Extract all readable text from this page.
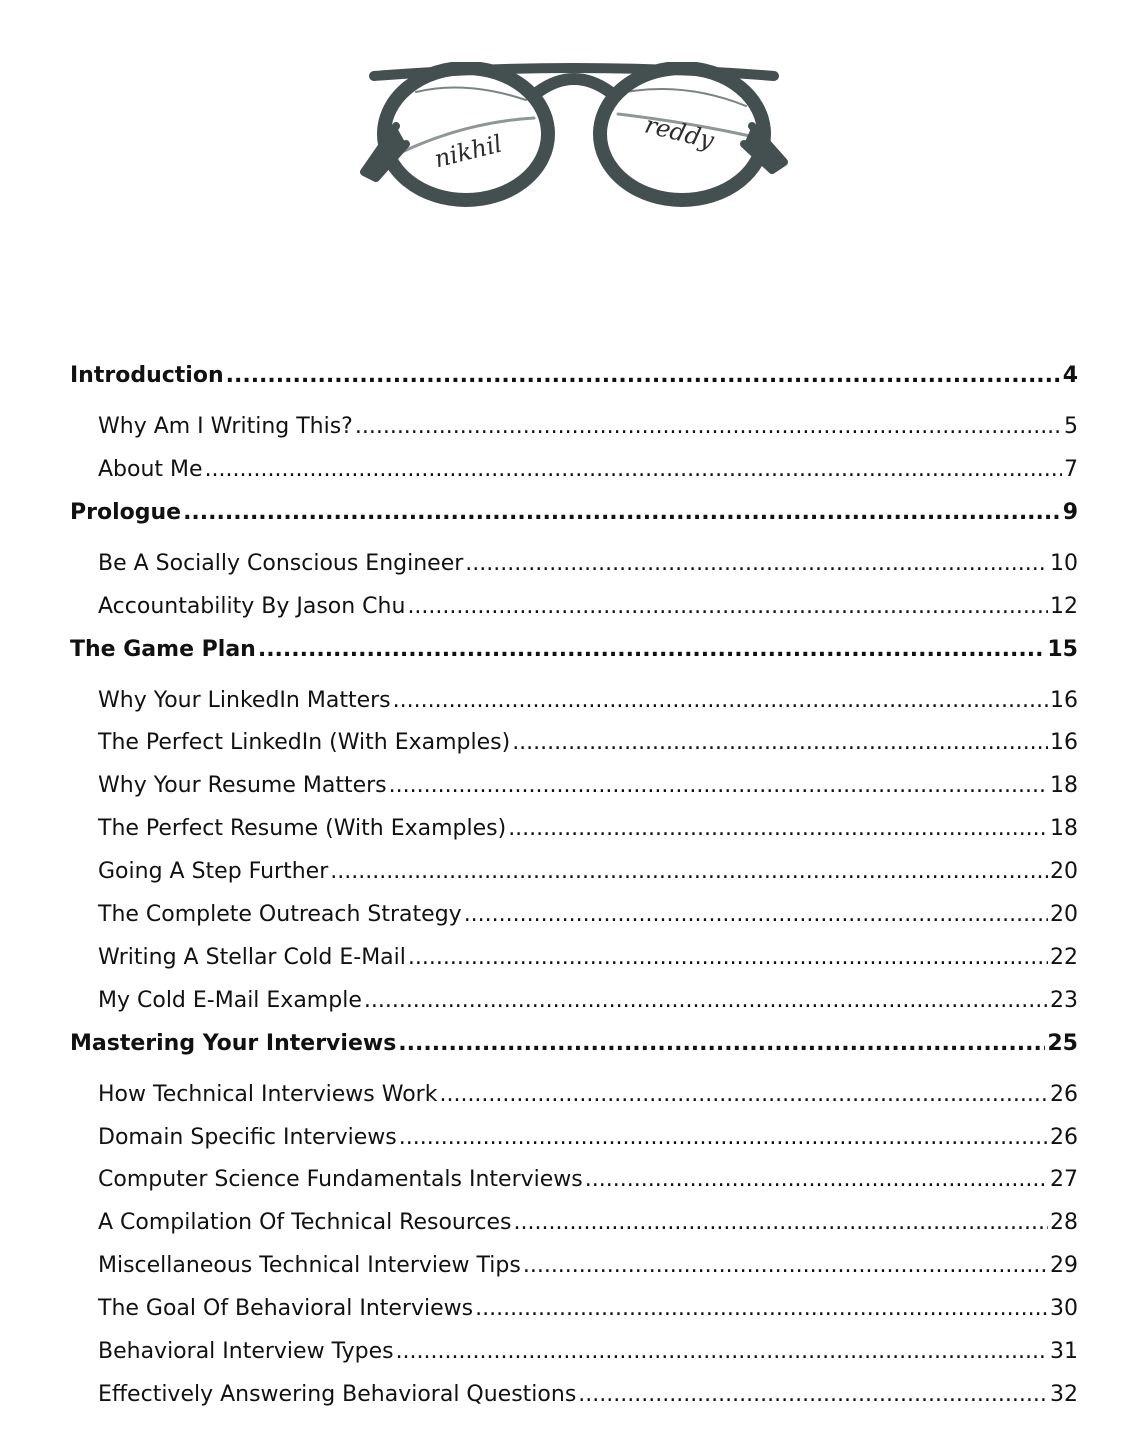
nikhil	reddy
Introduction .....	4
Why Am I Writing This? .....	5
About Me .....	7
Prologue .....	9
Be A Socially Conscious Engineer .....	10
Accountability By Jason Chu .....	12
The Game Plan .....	15
Why Your LinkedIn Matters .....	16
The Perfect LinkedIn (With Examples) .....	16
Why Your Resume Matters .....	18
The Perfect Resume (With Examples) .....	18
Going A Step Further .....	20
The Complete Outreach Strategy .....	20
Writing A Stellar Cold E-Mail .....	22
My Cold E-Mail Example .....	23
Mastering Your Interviews .....	25
How Technical Interviews Work .....	26
Domain Specific Interviews .....	26
Computer Science Fundamentals Interviews .....	27
A Compilation Of Technical Resources .....	28
Miscellaneous Technical Interview Tips .....	29
The Goal Of Behavioral Interviews .....	30
Behavioral Interview Types .....	31
Effectively Answering Behavioral Questions .....	32
